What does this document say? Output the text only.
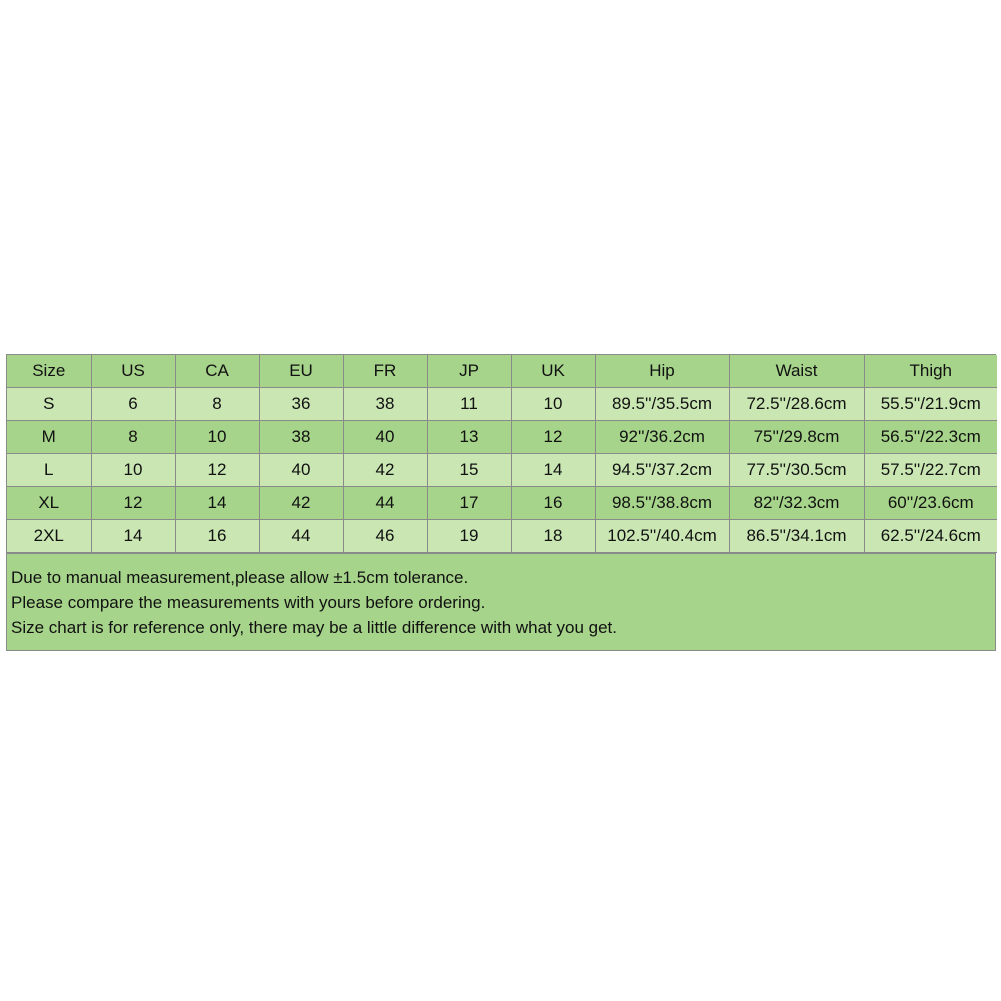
Size	US	CA	EU	FR	JP	UK	Hip	Waist	Thigh
S	6	8	36	38	11	10	89.5''/35.5cm	72.5''/28.6cm	55.5''/21.9cm
M	8	10	38	40	13	12	92''/36.2cm	75''/29.8cm	56.5''/22.3cm
L	10	12	40	42	15	14	94.5''/37.2cm	77.5''/30.5cm	57.5''/22.7cm
XL	12	14	42	44	17	16	98.5''/38.8cm	82''/32.3cm	60''/23.6cm
2XL	14	16	44	46	19	18	102.5''/40.4cm	86.5''/34.1cm	62.5''/24.6cm
Due to manual measurement,please allow ±1.5cm tolerance.
Please compare the measurements with yours before ordering.
Size chart is for reference only, there may be a little difference with what you get.
